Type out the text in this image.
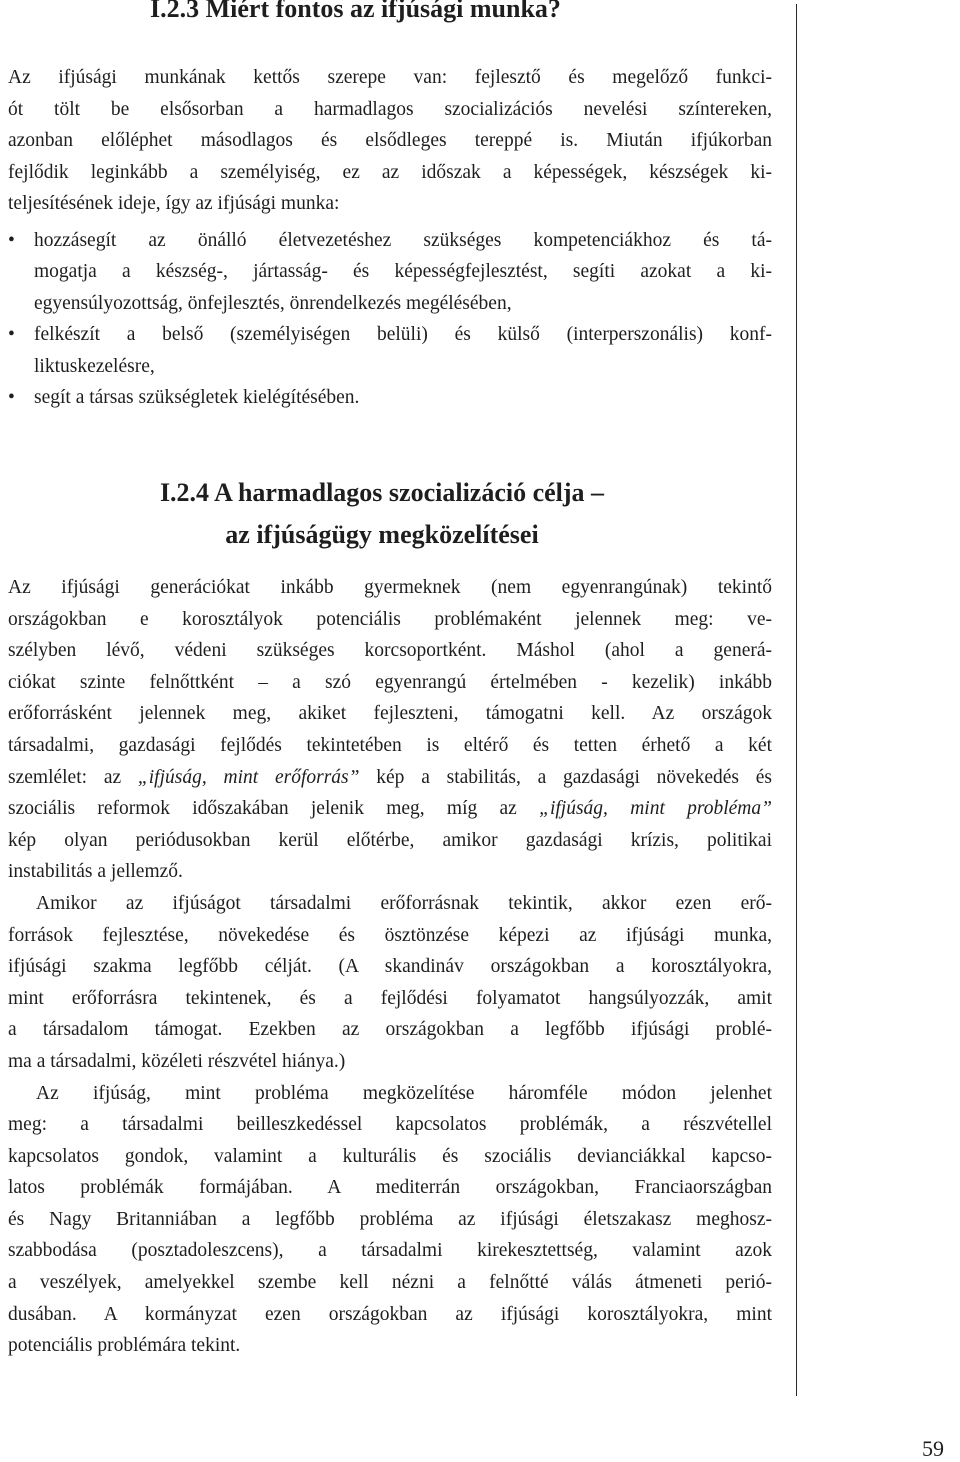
I.2.3 Miért fontos az ifjúsági munka?

Az ifjúsági munkának kettős szerepe van: fejlesztő és megelőző funkci-
ót tölt be elsősorban a harmadlagos szocializációs nevelési színtereken,
azonban előléphet másodlagos és elsődleges tereppé is. Miután ifjúkorban
fejlődik leginkább a személyiség, ez az időszak a képességek, készségek ki-
teljesítésének ideje, így az ifjúsági munka:

• hozzásegít az önálló életvezetéshez szükséges kompetenciákhoz és tá-
mogatja a készség-, jártasság- és képességfejlesztést, segíti azokat a ki-
egyensúlyozottság, önfejlesztés, önrendelkezés megélésében,
• felkészít a belső (személyiségen belüli) és külső (interperszonális) konf-
liktuskezelésre,
• segít a társas szükségletek kielégítésében.
I.2.4 A harmadlagos szocializáció célja –
az ifjúságügy megközelítései
Az ifjúsági generációkat inkább gyermeknek (nem egyenrangúnak) tekintő
országokban e korosztályok potenciális problémaként jelennek meg: ve-
szélyben lévő, védeni szükséges korcsoportként. Máshol (ahol a generá-
ciókat szinte felnőttként – a szó egyenrangú értelmében - kezelik) inkább
erőforrásként jelennek meg, akiket fejleszteni, támogatni kell. Az országok
társadalmi, gazdasági fejlődés tekintetében is eltérő és tetten érhető a két
szemlélet: az „ifjúság, mint erőforrás” kép a stabilitás, a gazdasági növekedés és
szociális reformok időszakában jelenik meg, míg az „ifjúság, mint probléma”
kép olyan periódusokban kerül előtérbe, amikor gazdasági krízis, politikai
instabilitás a jellemző.
Amikor az ifjúságot társadalmi erőforrásnak tekintik, akkor ezen erő-
források fejlesztése, növekedése és ösztönzése képezi az ifjúsági munka,
ifjúsági szakma legfőbb célját. (A skandináv országokban a korosztályokra,
mint erőforrásra tekintenek, és a fejlődési folyamatot hangsúlyozzák, amit
a társadalom támogat. Ezekben az országokban a legfőbb ifjúsági problé-
ma a társadalmi, közéleti részvétel hiánya.)
Az ifjúság, mint probléma megközelítése háromféle módon jelenhet
meg: a társadalmi beilleszkedéssel kapcsolatos problémák, a részvétellel
kapcsolatos gondok, valamint a kulturális és szociális devianciákkal kapcso-
latos problémák formájában. A mediterrán országokban, Franciaországban
és Nagy Britanniában a legfőbb probléma az ifjúsági életszakasz meghosz-
szabbodása (posztadoleszcens), a társadalmi kirekesztettség, valamint azok
a veszélyek, amelyekkel szembe kell nézni a felnőtté válás átmeneti perió-
dusában. A kormányzat ezen országokban az ifjúsági korosztályokra, mint
potenciális problémára tekint.
59
